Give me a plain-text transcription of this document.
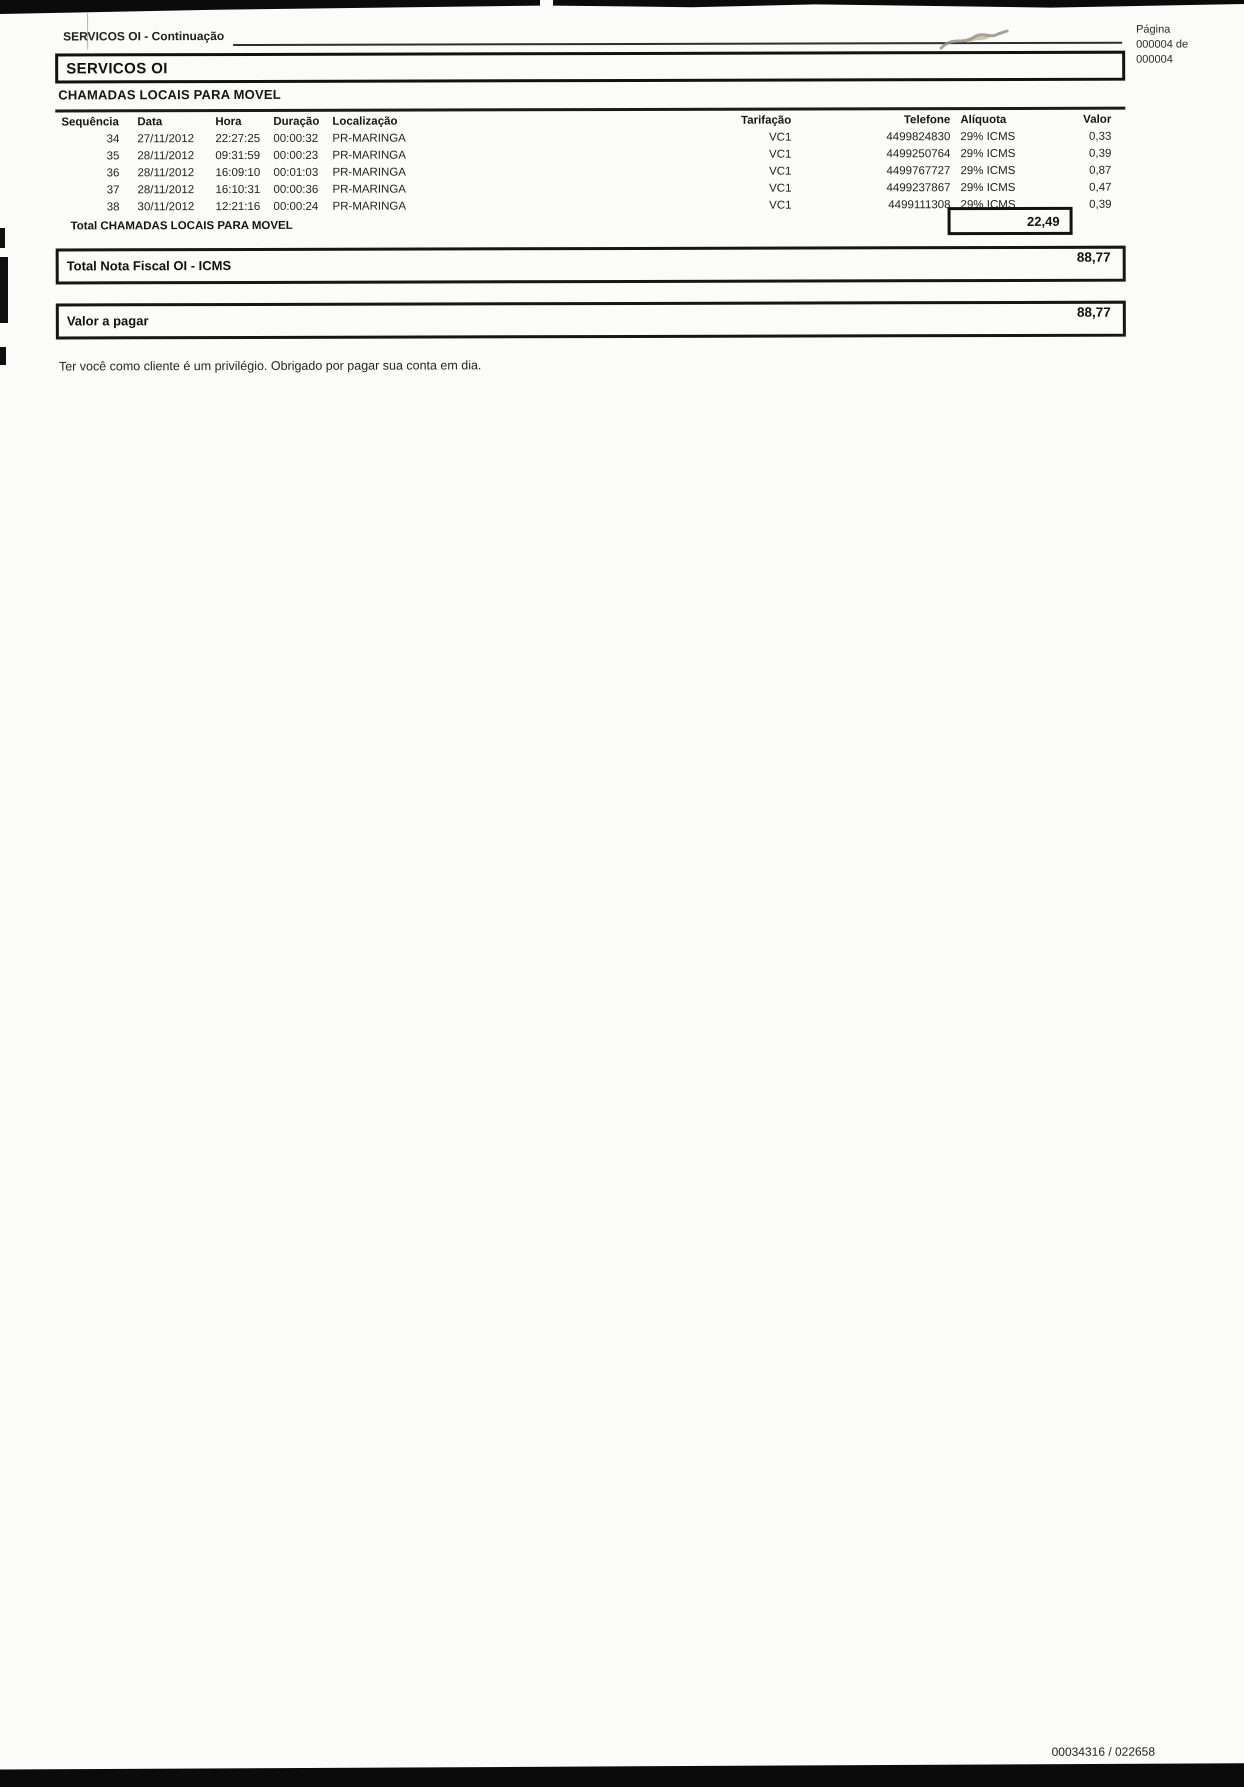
SERVICOS OI - Continuação	Página
000004 de
000004
SERVICOS OI
CHAMADAS LOCAIS PARA MOVEL
Sequência	Data	Hora	Duração	Localização	Tarifação	Telefone Alíquota	Valor
34	27/11/2012	22:27:25	00:00:32	PR-MARINGA	VC1	4499824830 29% ICMS	0,33
35	28/11/2012	09:31:59	00:00:23	PR-MARINGA	VC1	4499250764 29% ICMS	0,39
36	28/11/2012	16:09:10	00:01:03	PR-MARINGA	VC1	4499767727 29% ICMS	0,87
37	28/11/2012	16:10:31	00:00:36	PR-MARINGA	VC1	4499237867 29% ICMS	0,47
38	30/11/2012	12:21:16	00:00:24	PR-MARINGA	VC1	4499111308 29% ICMS	0,39
Total CHAMADAS LOCAIS PARA MOVEL	22,49
Total Nota Fiscal OI - ICMS
88,77
Valor a pagar
88,77
Ter você como cliente é um privilégio. Obrigado por pagar sua conta em dia.
00034316 / 022658
